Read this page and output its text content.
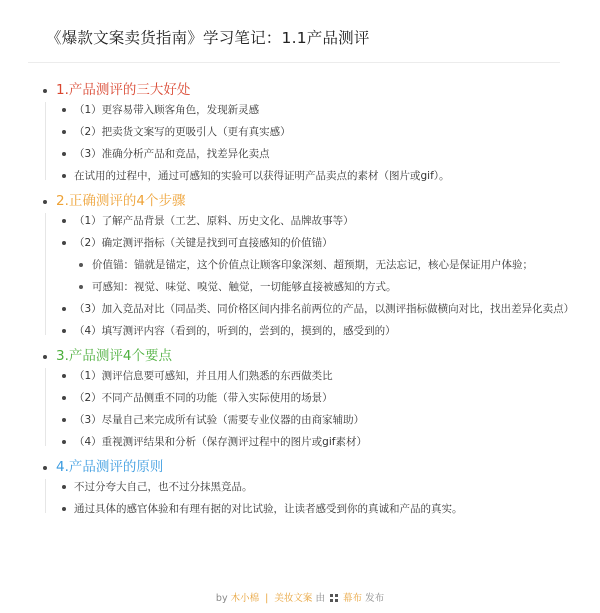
《爆款文案卖货指南》学习笔记：1.1产品测评
1.产品测评的三大好处
（1）更容易带入顾客角色，发现新灵感
（2）把卖货文案写的更吸引人（更有真实感）
（3）准确分析产品和竞品，找差异化卖点
在试用的过程中，通过可感知的实验可以获得证明产品卖点的素材（图片或gif）。
2.正确测评的4个步骤
（1）了解产品背景（工艺、原料、历史文化、品牌故事等）
（2）确定测评指标（关键是找到可直接感知的价值锚）
价值锚：锚就是锚定，这个价值点让顾客印象深刻、超预期，无法忘记，核心是保证用户体验；
可感知：视觉、味觉、嗅觉、触觉，一切能够直接被感知的方式。
（3）加入竞品对比（同品类、同价格区间内排名前两位的产品，以测评指标做横向对比，找出差异化卖点）
（4）填写测评内容（看到的，听到的，尝到的，摸到的，感受到的）
3.产品测评4个要点
（1）测评信息要可感知，并且用人们熟悉的东西做类比
（2）不同产品侧重不同的功能（带入实际使用的场景）
（3）尽量自己来完成所有试验（需要专业仪器的由商家辅助）
（4）重视测评结果和分析（保存测评过程中的图片或gif素材）
4.产品测评的原则
不过分夸大自己，也不过分抹黑竞品。
通过具体的感官体验和有理有据的对比试验，让读者感受到你的真诚和产品的真实。
by 木小棉 | 美妆文案 由 幕布 发布
